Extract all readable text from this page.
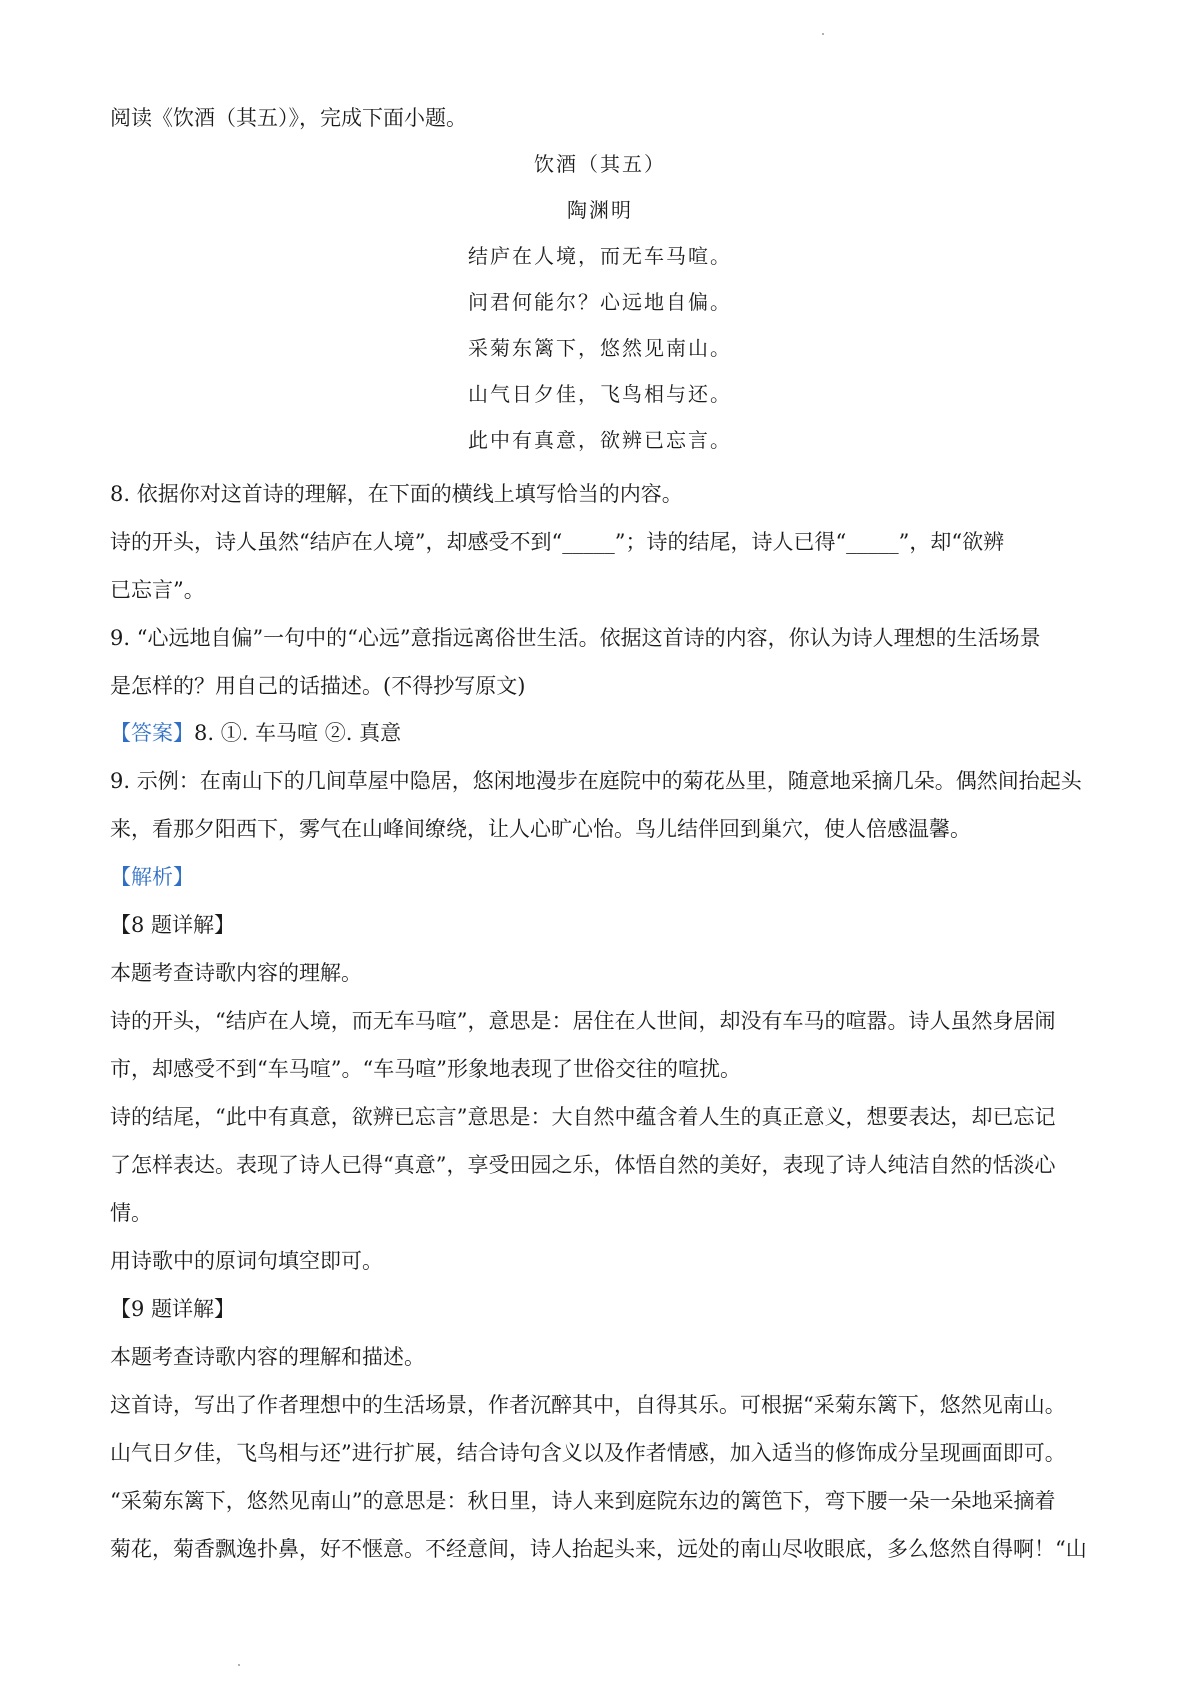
阅读《饮酒（其五）》，完成下面小题。
饮酒（其五）
陶渊明
结庐在人境，而无车马喧。
问君何能尔？心远地自偏。
采菊东篱下，悠然见南山。
山气日夕佳，飞鸟相与还。
此中有真意，欲辨已忘言。
8. 依据你对这首诗的理解，在下面的横线上填写恰当的内容。
诗的开头，诗人虽然“结庐在人境”，却感受不到“_____”；诗的结尾，诗人已得“_____”，却“欲辨
已忘言”。
9. “心远地自偏”一句中的“心远”意指远离俗世生活。依据这首诗的内容，你认为诗人理想的生活场景
是怎样的？用自己的话描述。(不得抄写原文)
【答案】8. ①. 车马喧 ②. 真意
9. 示例：在南山下的几间草屋中隐居，悠闲地漫步在庭院中的菊花丛里，随意地采摘几朵。偶然间抬起头
来，看那夕阳西下，雾气在山峰间缭绕，让人心旷心怡。鸟儿结伴回到巢穴，使人倍感温馨。
【解析】
【8 题详解】
本题考查诗歌内容的理解。
诗的开头，“结庐在人境，而无车马喧”，意思是：居住在人世间，却没有车马的喧嚣。诗人虽然身居闹
市，却感受不到“车马喧”。“车马喧”形象地表现了世俗交往的喧扰。
诗的结尾，“此中有真意，欲辨已忘言”意思是：大自然中蕴含着人生的真正意义，想要表达，却已忘记
了怎样表达。表现了诗人已得“真意”，享受田园之乐，体悟自然的美好，表现了诗人纯洁自然的恬淡心
情。
用诗歌中的原词句填空即可。
【9 题详解】
本题考查诗歌内容的理解和描述。
这首诗，写出了作者理想中的生活场景，作者沉醉其中，自得其乐。可根据“采菊东篱下，悠然见南山。
山气日夕佳，飞鸟相与还”进行扩展，结合诗句含义以及作者情感，加入适当的修饰成分呈现画面即可。
“采菊东篱下，悠然见南山”的意思是：秋日里，诗人来到庭院东边的篱笆下，弯下腰一朵一朵地采摘着
菊花，菊香飘逸扑鼻，好不惬意。不经意间，诗人抬起头来，远处的南山尽收眼底，多么悠然自得啊！“山
